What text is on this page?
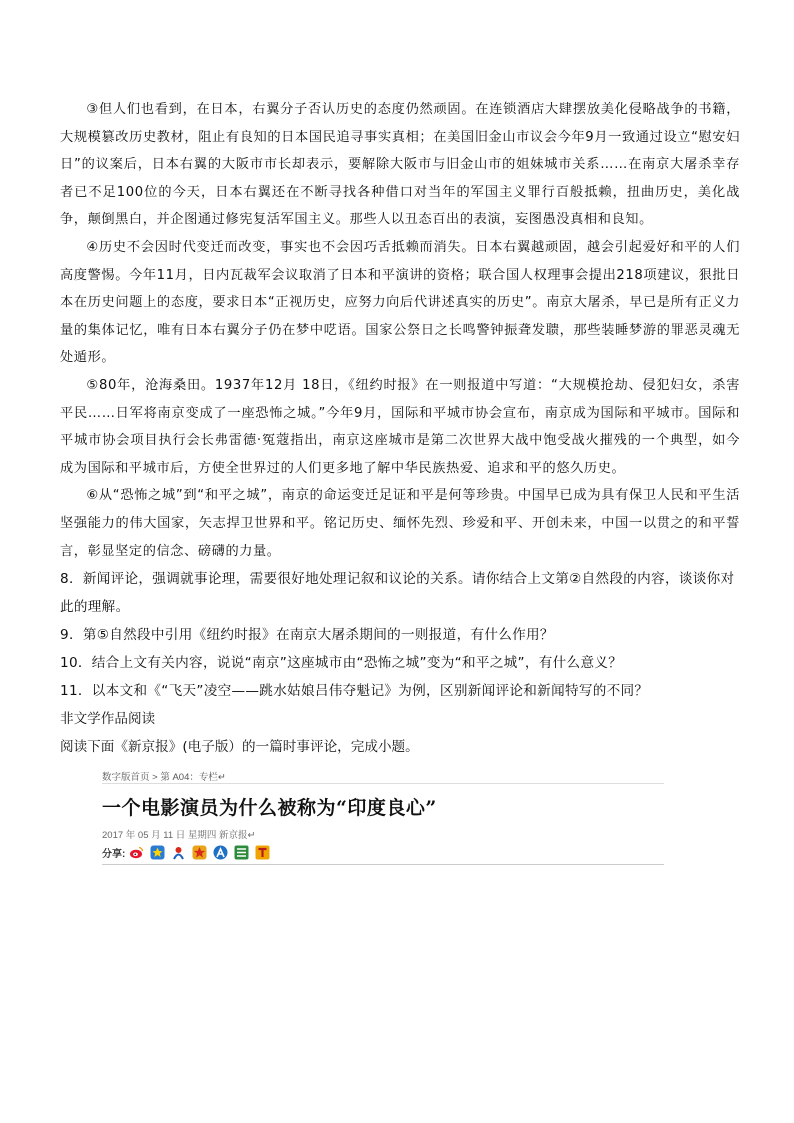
③但人们也看到，在日本，右翼分子否认历史的态度仍然顽固。在连锁酒店大肆摆放美化侵略战争的书籍，大规模篡改历史教材，阻止有良知的日本国民追寻事实真相；在美国旧金山市议会今年9月一致通过设立“慰安妇日”的议案后，日本右翼的大阪市市长却表示，要解除大阪市与旧金山市的姐妹城市关系……在南京大屠杀幸存者已不足100位的今天，日本右翼还在不断寻找各种借口对当年的军国主义罪行百般抵赖，扭曲历史，美化战争，颠倒黑白，并企图通过修宪复活军国主义。那些人以丑态百出的表演，妄图愚没真相和良知。

④历史不会因时代变迁而改变，事实也不会因巧舌抵赖而消失。日本右翼越顽固，越会引起爱好和平的人们高度警惕。今年11月，日内瓦裁军会议取消了日本和平演讲的资格；联合国人权理事会提出218项建议，狠批日本在历史问题上的态度，要求日本“正视历史，应努力向后代讲述真实的历史”。南京大屠杀，早已是所有正义力量的集体记忆，唯有日本右翼分子仍在梦中呓语。国家公祭日之长鸣警钟振聋发聩，那些装睡梦游的罪恶灵魂无处遁形。

⑤80年，沧海桑田。1937年12月 18日，《纽约时报》在一则报道中写道：“大规模抢劫、侵犯妇女，杀害平民……日军将南京变成了一座恐怖之城。”今年9月，国际和平城市协会宣布，南京成为国际和平城市。国际和平城市协会项目执行会长弗雷德·冤蔻指出，南京这座城市是第二次世界大战中饱受战火摧残的一个典型，如今成为国际和平城市后，方使全世界过的人们更多地了解中华民族热爱、追求和平的悠久历史。

⑥从“恐怖之城”到“和平之城”，南京的命运变迁足证和平是何等珍贵。中国早已成为具有保卫人民和平生活坚强能力的伟大国家，矢志捍卫世界和平。铭记历史、缅怀先烈、珍爱和平、开创未来，中国一以贯之的和平誓言，彰显坚定的信念、磅礴的力量。

8．新闻评论，强调就事论理，需要很好地处理记叙和议论的关系。请你结合上文第②自然段的内容，谈谈你对此的理解。

9．第⑤自然段中引用《纽约时报》在南京大屠杀期间的一则报道，有什么作用？

10．结合上文有关内容，说说“南京”这座城市由“恐怖之城”变为“和平之城”，有什么意义？

11．以本文和《“飞天”凌空——跳水姑娘吕伟夺魁记》为例，区别新闻评论和新闻特写的不同？

非文学作品阅读

阅读下面《新京报》(电子版）的一篇时事评论，完成小题。

数字版首页 > 第 A04：专栏↵
一个电影演员为什么被称为“印度良心”
2017 年 05 月 11 日 星期四 新京报↵
分享:
